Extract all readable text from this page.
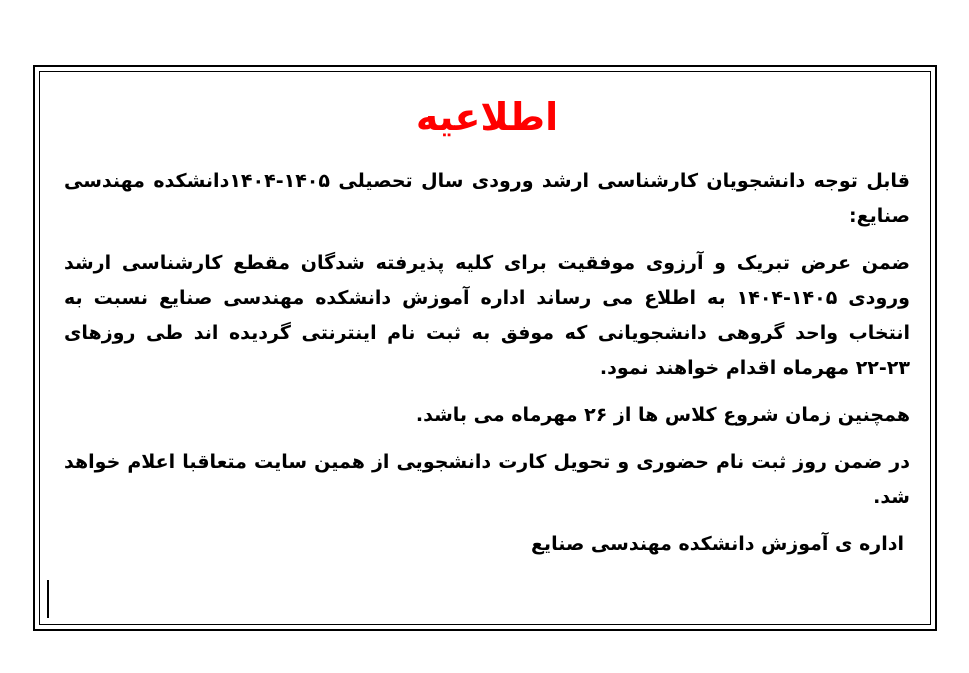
اطلاعیه

قابل توجه دانشجویان کارشناسی ارشد ورودی سال تحصیلی ۱۴۰۵-۱۴۰۴دانشکده مهندسی صنایع:

ضمن عرض تبریک و آرزوی موفقیت برای کلیه پذیرفته شدگان مقطع کارشناسی ارشد ورودی ۱۴۰۵-۱۴۰۴ به اطلاع می رساند اداره آموزش دانشکده مهندسی صنایع نسبت به انتخاب واحد گروهی دانشجویانی که موفق به ثبت نام اینترنتی گردیده اند طی روزهای ۲۳-۲۲ مهرماه اقدام خواهند نمود.

همچنین زمان شروع کلاس ها از ۲۶ مهرماه می باشد.

در ضمن روز ثبت نام حضوری و تحویل کارت دانشجویی از همین سایت متعاقبا اعلام خواهد شد.

اداره ی آموزش دانشکده مهندسی صنایع
